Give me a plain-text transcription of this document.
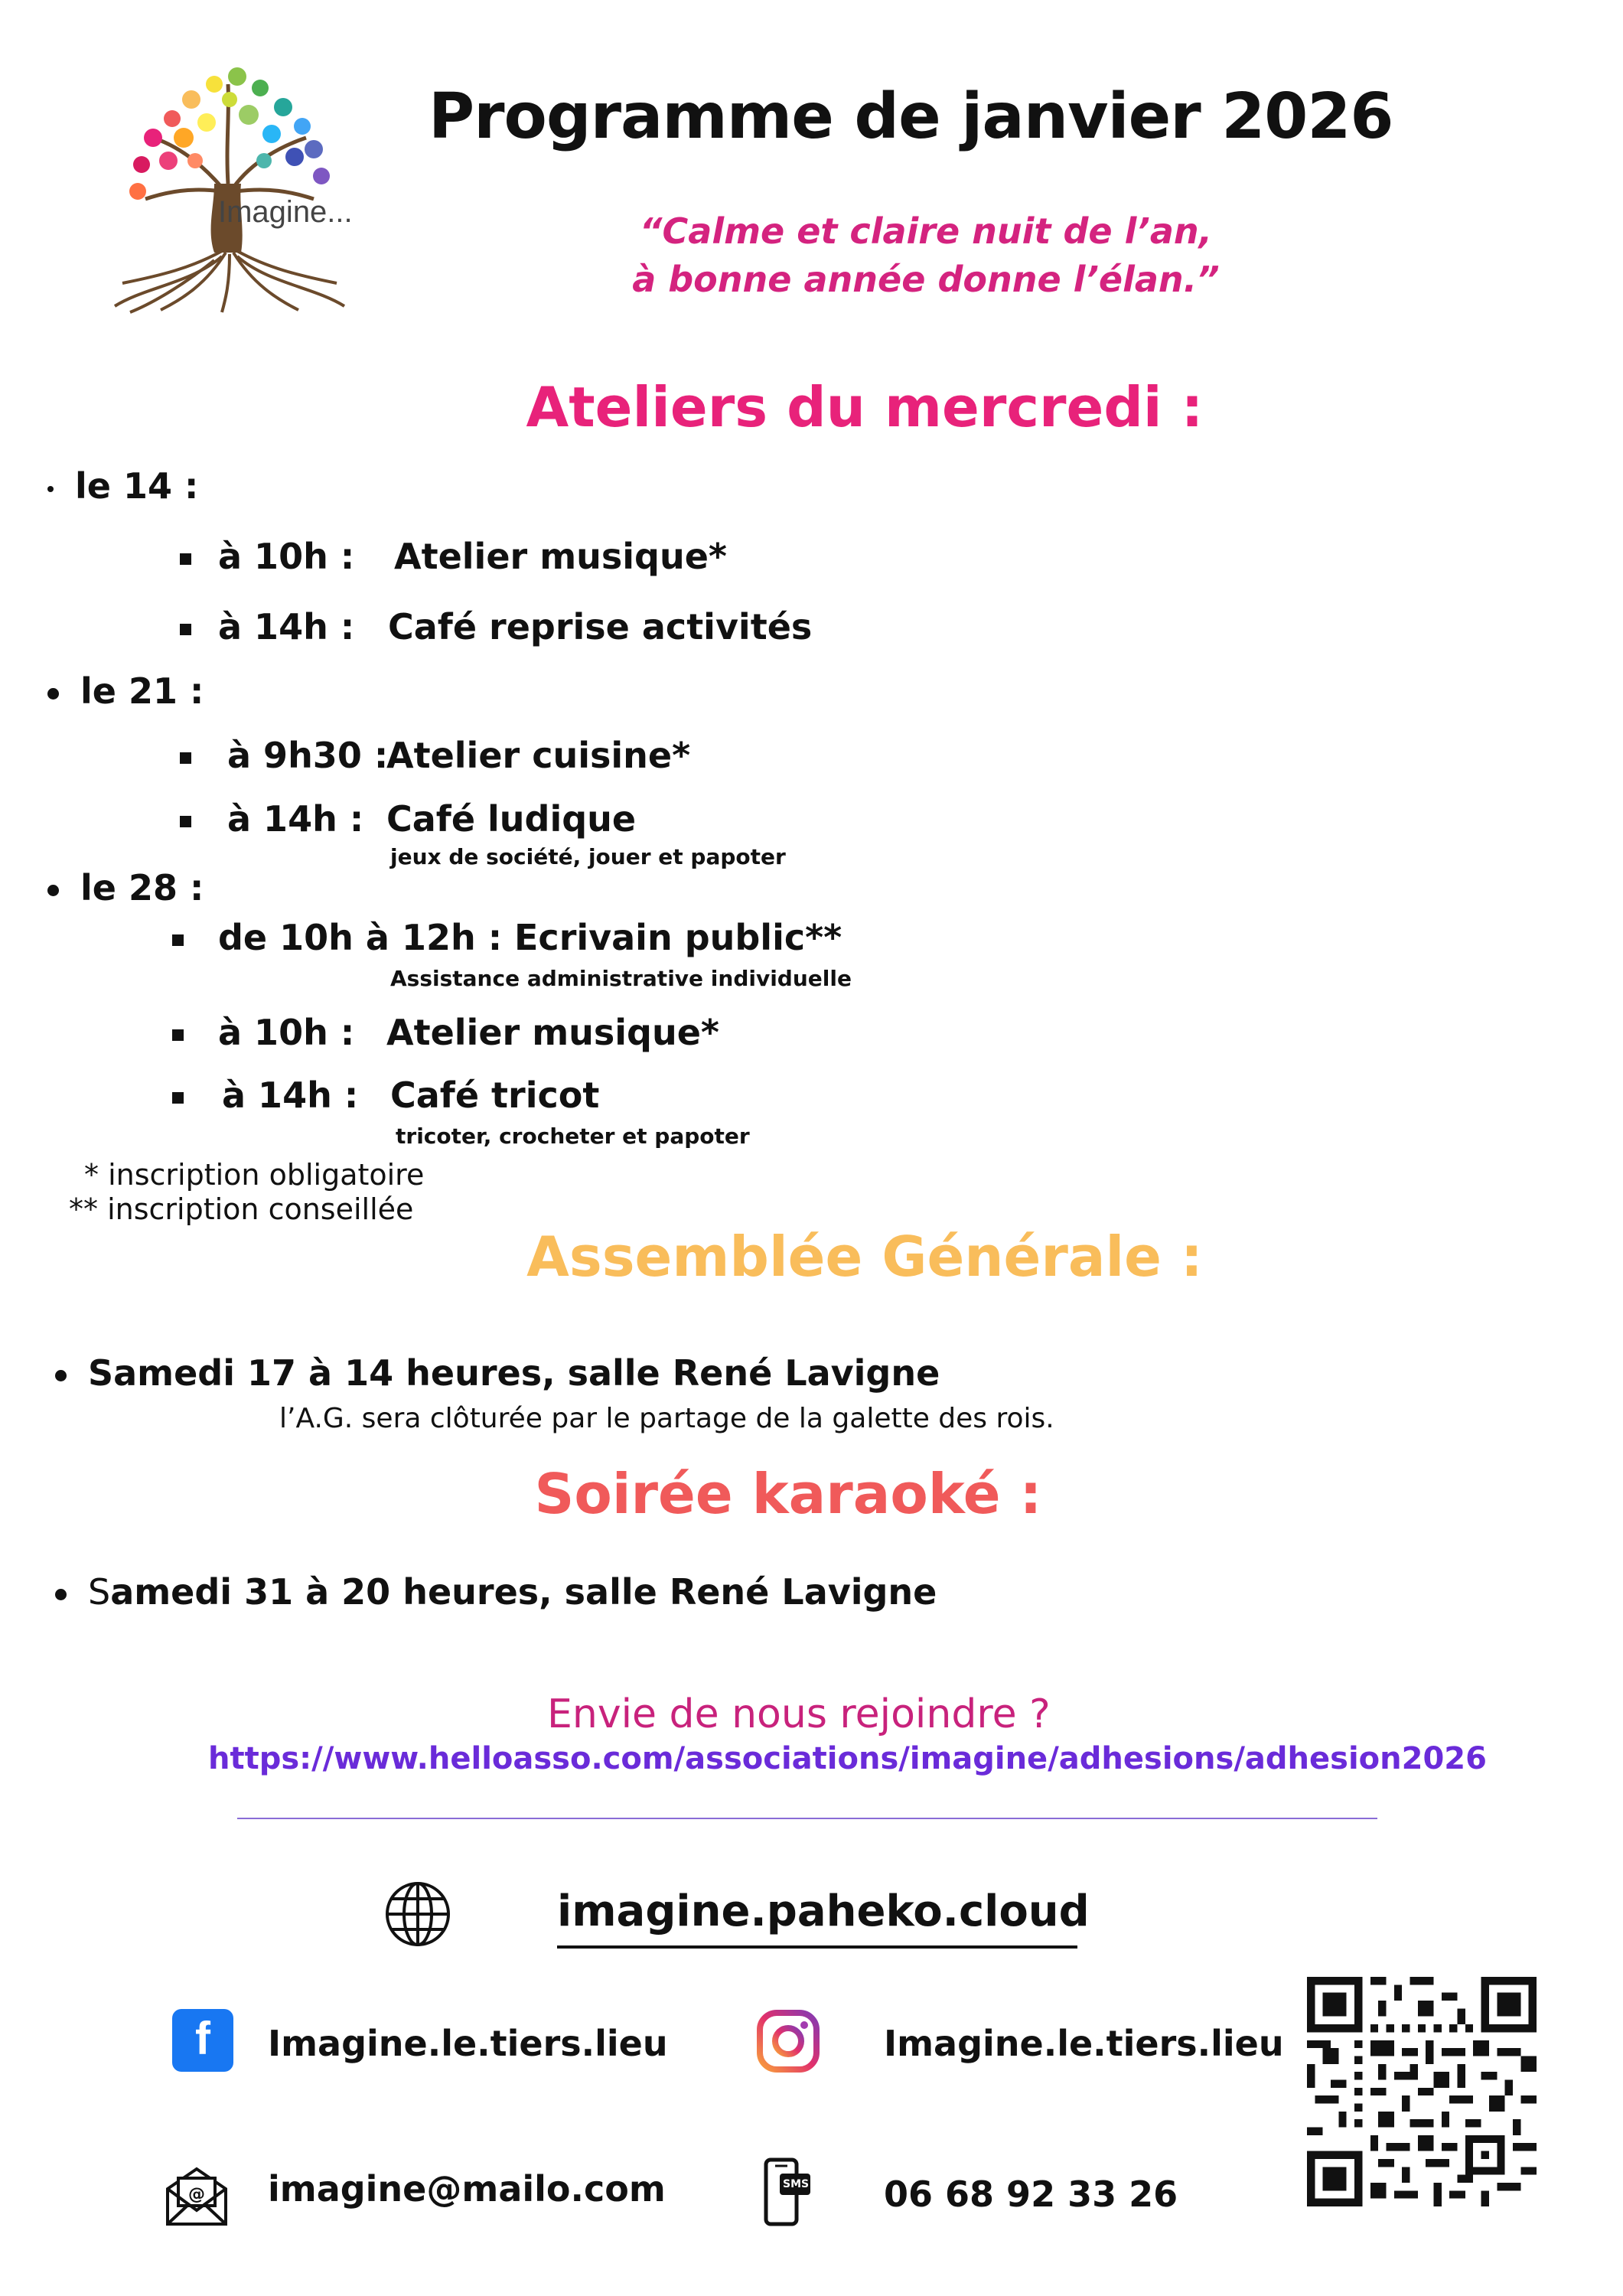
Imagine...
Programme de janvier 2026
“Calme et claire nuit de l’an,
à bonne année donne l’élan.”
Ateliers du mercredi :
le 14 :
à 10h : Atelier musique*
à 14h : Café reprise activités
le 21 :
à 9h30 :
Atelier cuisine*
à 14h : Café ludique
jeux de société, jouer et papoter
le 28 :
de 10h à 12h : Ecrivain public**
Assistance administrative individuelle
à 10h : Atelier musique*
à 14h : Café tricot
tricoter, crocheter et papoter
* inscription obligatoire
** inscription conseillée
Assemblée Générale :
Samedi 17 à 14 heures, salle René Lavigne
l’A.G. sera clôturée par le partage de la galette des rois.
Soirée karaoké :
Samedi 31 à 20 heures, salle René Lavigne
Envie de nous rejoindre ?
https://www.helloasso.com/associations/imagine/adhesions/adhesion2026
imagine.paheko.cloud
f	Imagine.le.tiers.lieu	Imagine.le.tiers.lieu
@ imagine@mailo.com	SMS 06 68 92 33 26
